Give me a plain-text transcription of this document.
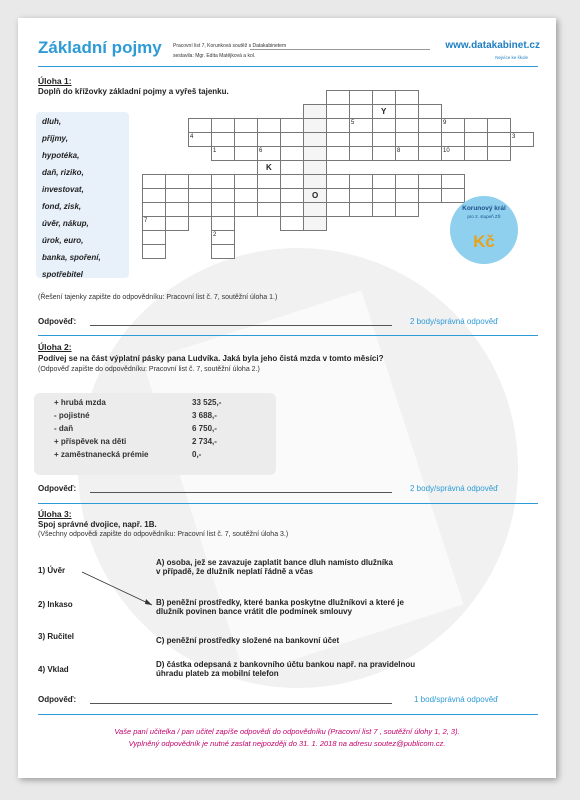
Základní pojmy Pracovní list 7, Korunková soutěž s Datakabinetem
sestavila: Mgr. Edita Matějková a kol.
www.datakabinet.cz
Nejvíce ke škole
Úloha 1:
Doplň do křížovky základní pojmy a vyřeš tajenku.
dluh,
příjmy,
hypotéka,
daň, riziko,
investovat,
fond, zisk,
úvěr, nákup,
úrok, euro,
banka, spoření,
spotřebitel
Y
5	9
4	3
1	6	8	10
K
O
7
2
Korunový král
pro 2. stupeň ZŠ
Kč
(Řešení tajenky zapište do odpovědníku: Pracovní list č. 7, soutěžní úloha 1.)
Odpověď:	2 body/správná odpověď
Úloha 2:
Podívej se na část výplatní pásky pana Ludvíka. Jaká byla jeho čistá mzda v tomto měsíci?
(Odpověď zapište do odpovědníku: Pracovní list č. 7, soutěžní úloha 2.)
+ hrubá mzda	33 525,-
- pojistné	3 688,-
- daň	6 750,-
+ příspěvek na děti	2 734,-
+ zaměstnanecká prémie	0,-
Odpověď:	2 body/správná odpověď
Úloha 3:
Spoj správné dvojice, např. 1B.
(Všechny odpovědi zapište do odpovědníku: Pracovní list č. 7, soutěžní úloha 3.)
1) Úvěr
2) Inkaso
3) Ručitel
4) Vklad
A) osoba, jež se zavazuje zaplatit bance dluh namísto dlužníka
v případě, že dlužník neplatí řádně a včas
B) peněžní prostředky, které banka poskytne dlužníkovi a které je
dlužník povinen bance vrátit dle podmínek smlouvy
C) peněžní prostředky složené na bankovní účet
D) částka odepsaná z bankovního účtu bankou např. na pravidelnou
úhradu plateb za mobilní telefon
Odpověď:	1 bod/správná odpověď
Vaše paní učitelka / pan učitel zapíše odpovědi do odpovědníku (Pracovní list 7 , soutěžní úlohy 1, 2, 3).
Vyplněný odpovědník je nutné zaslat nejpozději do 31. 1. 2018 na adresu soutez@publicom.cz.
